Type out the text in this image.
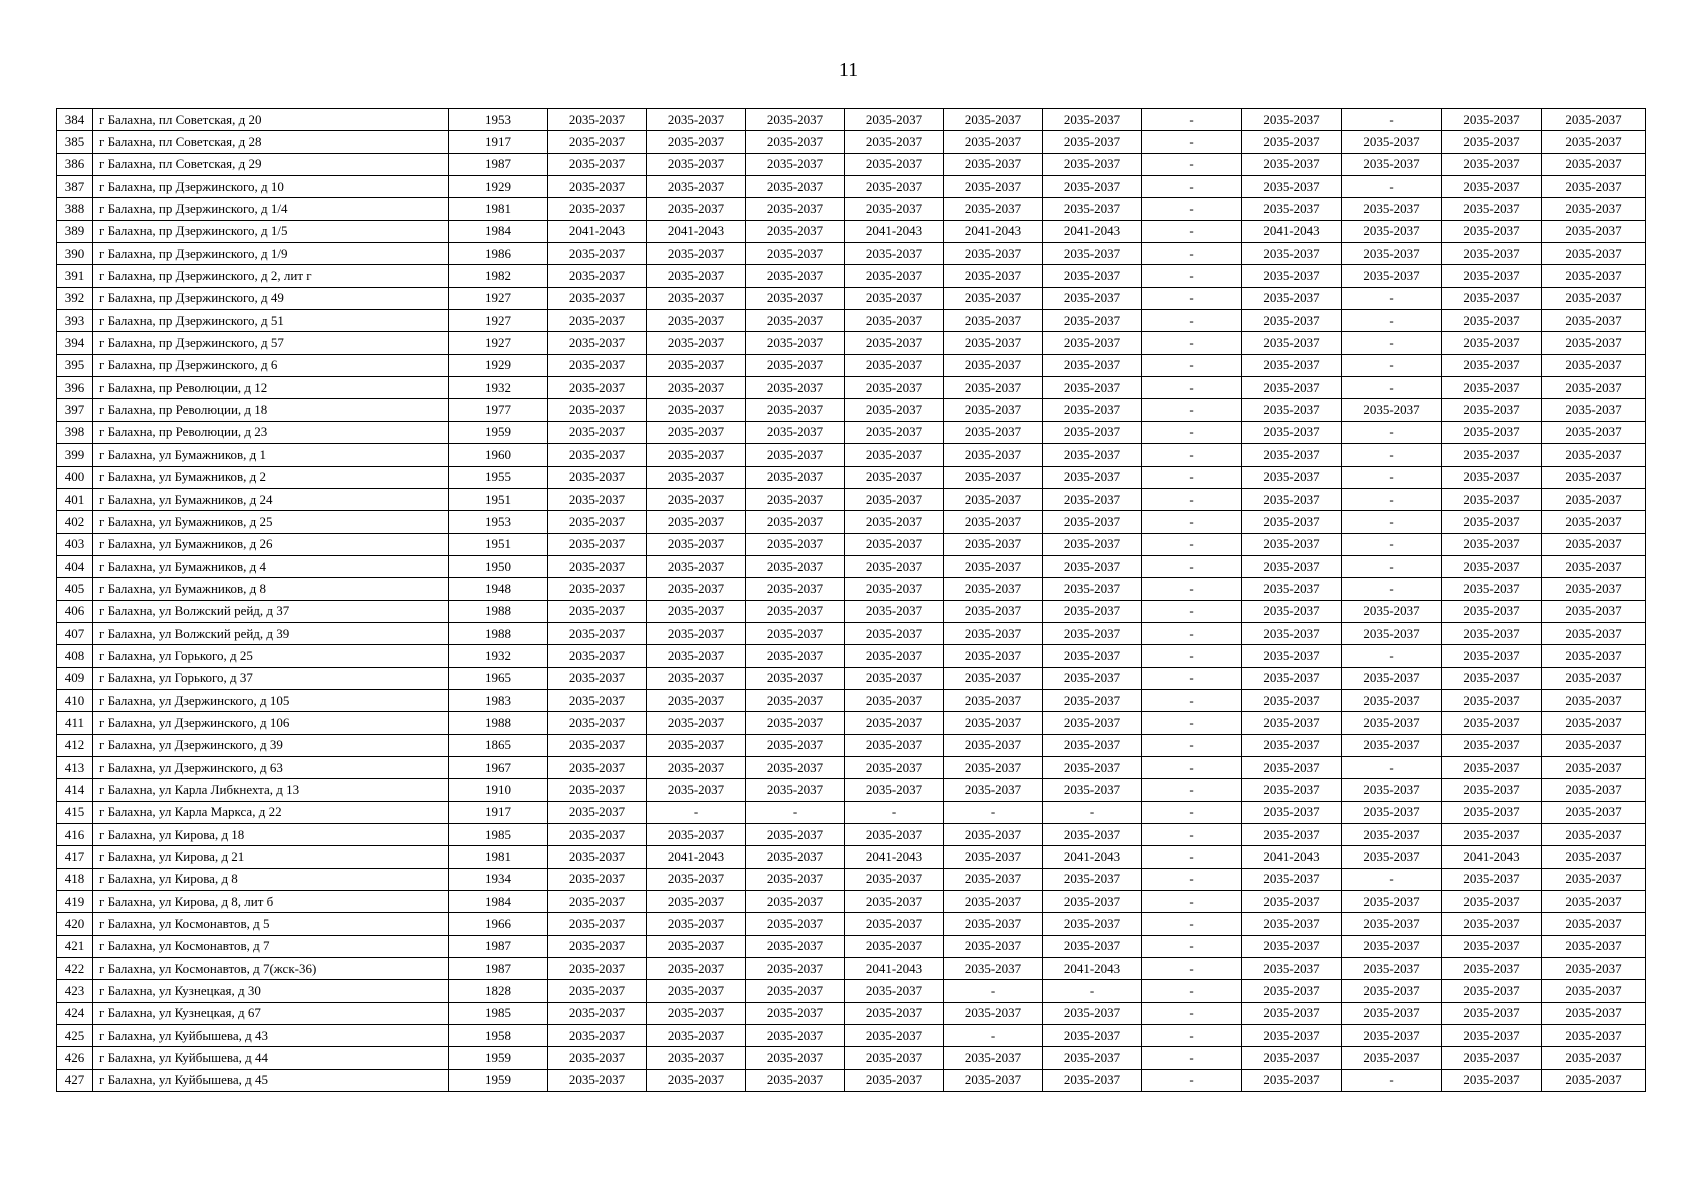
11
384	г Балахна, пл Советская, д 20	1953	2035-2037	2035-2037	2035-2037	2035-2037	2035-2037	2035-2037	-	2035-2037	-	2035-2037	2035-2037
385	г Балахна, пл Советская, д 28	1917	2035-2037	2035-2037	2035-2037	2035-2037	2035-2037	2035-2037	-	2035-2037	2035-2037	2035-2037	2035-2037
386	г Балахна, пл Советская, д 29	1987	2035-2037	2035-2037	2035-2037	2035-2037	2035-2037	2035-2037	-	2035-2037	2035-2037	2035-2037	2035-2037
387	г Балахна, пр Дзержинского, д 10	1929	2035-2037	2035-2037	2035-2037	2035-2037	2035-2037	2035-2037	-	2035-2037	-	2035-2037	2035-2037
388	г Балахна, пр Дзержинского, д 1/4	1981	2035-2037	2035-2037	2035-2037	2035-2037	2035-2037	2035-2037	-	2035-2037	2035-2037	2035-2037	2035-2037
389	г Балахна, пр Дзержинского, д 1/5	1984	2041-2043	2041-2043	2035-2037	2041-2043	2041-2043	2041-2043	-	2041-2043	2035-2037	2035-2037	2035-2037
390	г Балахна, пр Дзержинского, д 1/9	1986	2035-2037	2035-2037	2035-2037	2035-2037	2035-2037	2035-2037	-	2035-2037	2035-2037	2035-2037	2035-2037
391	г Балахна, пр Дзержинского, д 2, лит г	1982	2035-2037	2035-2037	2035-2037	2035-2037	2035-2037	2035-2037	-	2035-2037	2035-2037	2035-2037	2035-2037
392	г Балахна, пр Дзержинского, д 49	1927	2035-2037	2035-2037	2035-2037	2035-2037	2035-2037	2035-2037	-	2035-2037	-	2035-2037	2035-2037
393	г Балахна, пр Дзержинского, д 51	1927	2035-2037	2035-2037	2035-2037	2035-2037	2035-2037	2035-2037	-	2035-2037	-	2035-2037	2035-2037
394	г Балахна, пр Дзержинского, д 57	1927	2035-2037	2035-2037	2035-2037	2035-2037	2035-2037	2035-2037	-	2035-2037	-	2035-2037	2035-2037
395	г Балахна, пр Дзержинского, д 6	1929	2035-2037	2035-2037	2035-2037	2035-2037	2035-2037	2035-2037	-	2035-2037	-	2035-2037	2035-2037
396	г Балахна, пр Революции, д 12	1932	2035-2037	2035-2037	2035-2037	2035-2037	2035-2037	2035-2037	-	2035-2037	-	2035-2037	2035-2037
397	г Балахна, пр Революции, д 18	1977	2035-2037	2035-2037	2035-2037	2035-2037	2035-2037	2035-2037	-	2035-2037	2035-2037	2035-2037	2035-2037
398	г Балахна, пр Революции, д 23	1959	2035-2037	2035-2037	2035-2037	2035-2037	2035-2037	2035-2037	-	2035-2037	-	2035-2037	2035-2037
399	г Балахна, ул Бумажников, д 1	1960	2035-2037	2035-2037	2035-2037	2035-2037	2035-2037	2035-2037	-	2035-2037	-	2035-2037	2035-2037
400	г Балахна, ул Бумажников, д 2	1955	2035-2037	2035-2037	2035-2037	2035-2037	2035-2037	2035-2037	-	2035-2037	-	2035-2037	2035-2037
401	г Балахна, ул Бумажников, д 24	1951	2035-2037	2035-2037	2035-2037	2035-2037	2035-2037	2035-2037	-	2035-2037	-	2035-2037	2035-2037
402	г Балахна, ул Бумажников, д 25	1953	2035-2037	2035-2037	2035-2037	2035-2037	2035-2037	2035-2037	-	2035-2037	-	2035-2037	2035-2037
403	г Балахна, ул Бумажников, д 26	1951	2035-2037	2035-2037	2035-2037	2035-2037	2035-2037	2035-2037	-	2035-2037	-	2035-2037	2035-2037
404	г Балахна, ул Бумажников, д 4	1950	2035-2037	2035-2037	2035-2037	2035-2037	2035-2037	2035-2037	-	2035-2037	-	2035-2037	2035-2037
405	г Балахна, ул Бумажников, д 8	1948	2035-2037	2035-2037	2035-2037	2035-2037	2035-2037	2035-2037	-	2035-2037	-	2035-2037	2035-2037
406	г Балахна, ул Волжский рейд, д 37	1988	2035-2037	2035-2037	2035-2037	2035-2037	2035-2037	2035-2037	-	2035-2037	2035-2037	2035-2037	2035-2037
407	г Балахна, ул Волжский рейд, д 39	1988	2035-2037	2035-2037	2035-2037	2035-2037	2035-2037	2035-2037	-	2035-2037	2035-2037	2035-2037	2035-2037
408	г Балахна, ул Горького, д 25	1932	2035-2037	2035-2037	2035-2037	2035-2037	2035-2037	2035-2037	-	2035-2037	-	2035-2037	2035-2037
409	г Балахна, ул Горького, д 37	1965	2035-2037	2035-2037	2035-2037	2035-2037	2035-2037	2035-2037	-	2035-2037	2035-2037	2035-2037	2035-2037
410	г Балахна, ул Дзержинского, д 105	1983	2035-2037	2035-2037	2035-2037	2035-2037	2035-2037	2035-2037	-	2035-2037	2035-2037	2035-2037	2035-2037
411	г Балахна, ул Дзержинского, д 106	1988	2035-2037	2035-2037	2035-2037	2035-2037	2035-2037	2035-2037	-	2035-2037	2035-2037	2035-2037	2035-2037
412	г Балахна, ул Дзержинского, д 39	1865	2035-2037	2035-2037	2035-2037	2035-2037	2035-2037	2035-2037	-	2035-2037	2035-2037	2035-2037	2035-2037
413	г Балахна, ул Дзержинского, д 63	1967	2035-2037	2035-2037	2035-2037	2035-2037	2035-2037	2035-2037	-	2035-2037	-	2035-2037	2035-2037
414	г Балахна, ул Карла Либкнехта, д 13	1910	2035-2037	2035-2037	2035-2037	2035-2037	2035-2037	2035-2037	-	2035-2037	2035-2037	2035-2037	2035-2037
415	г Балахна, ул Карла Маркса, д 22	1917	2035-2037	-	-	-	-	-	-	2035-2037	2035-2037	2035-2037	2035-2037
416	г Балахна, ул Кирова, д 18	1985	2035-2037	2035-2037	2035-2037	2035-2037	2035-2037	2035-2037	-	2035-2037	2035-2037	2035-2037	2035-2037
417	г Балахна, ул Кирова, д 21	1981	2035-2037	2041-2043	2035-2037	2041-2043	2035-2037	2041-2043	-	2041-2043	2035-2037	2041-2043	2035-2037
418	г Балахна, ул Кирова, д 8	1934	2035-2037	2035-2037	2035-2037	2035-2037	2035-2037	2035-2037	-	2035-2037	-	2035-2037	2035-2037
419	г Балахна, ул Кирова, д 8, лит б	1984	2035-2037	2035-2037	2035-2037	2035-2037	2035-2037	2035-2037	-	2035-2037	2035-2037	2035-2037	2035-2037
420	г Балахна, ул Космонавтов, д 5	1966	2035-2037	2035-2037	2035-2037	2035-2037	2035-2037	2035-2037	-	2035-2037	2035-2037	2035-2037	2035-2037
421	г Балахна, ул Космонавтов, д 7	1987	2035-2037	2035-2037	2035-2037	2035-2037	2035-2037	2035-2037	-	2035-2037	2035-2037	2035-2037	2035-2037
422	г Балахна, ул Космонавтов, д 7(жск-36)	1987	2035-2037	2035-2037	2035-2037	2041-2043	2035-2037	2041-2043	-	2035-2037	2035-2037	2035-2037	2035-2037
423	г Балахна, ул Кузнецкая, д 30	1828	2035-2037	2035-2037	2035-2037	2035-2037	-	-	-	2035-2037	2035-2037	2035-2037	2035-2037
424	г Балахна, ул Кузнецкая, д 67	1985	2035-2037	2035-2037	2035-2037	2035-2037	2035-2037	2035-2037	-	2035-2037	2035-2037	2035-2037	2035-2037
425	г Балахна, ул Куйбышева, д 43	1958	2035-2037	2035-2037	2035-2037	2035-2037	-	2035-2037	-	2035-2037	2035-2037	2035-2037	2035-2037
426	г Балахна, ул Куйбышева, д 44	1959	2035-2037	2035-2037	2035-2037	2035-2037	2035-2037	2035-2037	-	2035-2037	2035-2037	2035-2037	2035-2037
427	г Балахна, ул Куйбышева, д 45	1959	2035-2037	2035-2037	2035-2037	2035-2037	2035-2037	2035-2037	-	2035-2037	-	2035-2037	2035-2037
